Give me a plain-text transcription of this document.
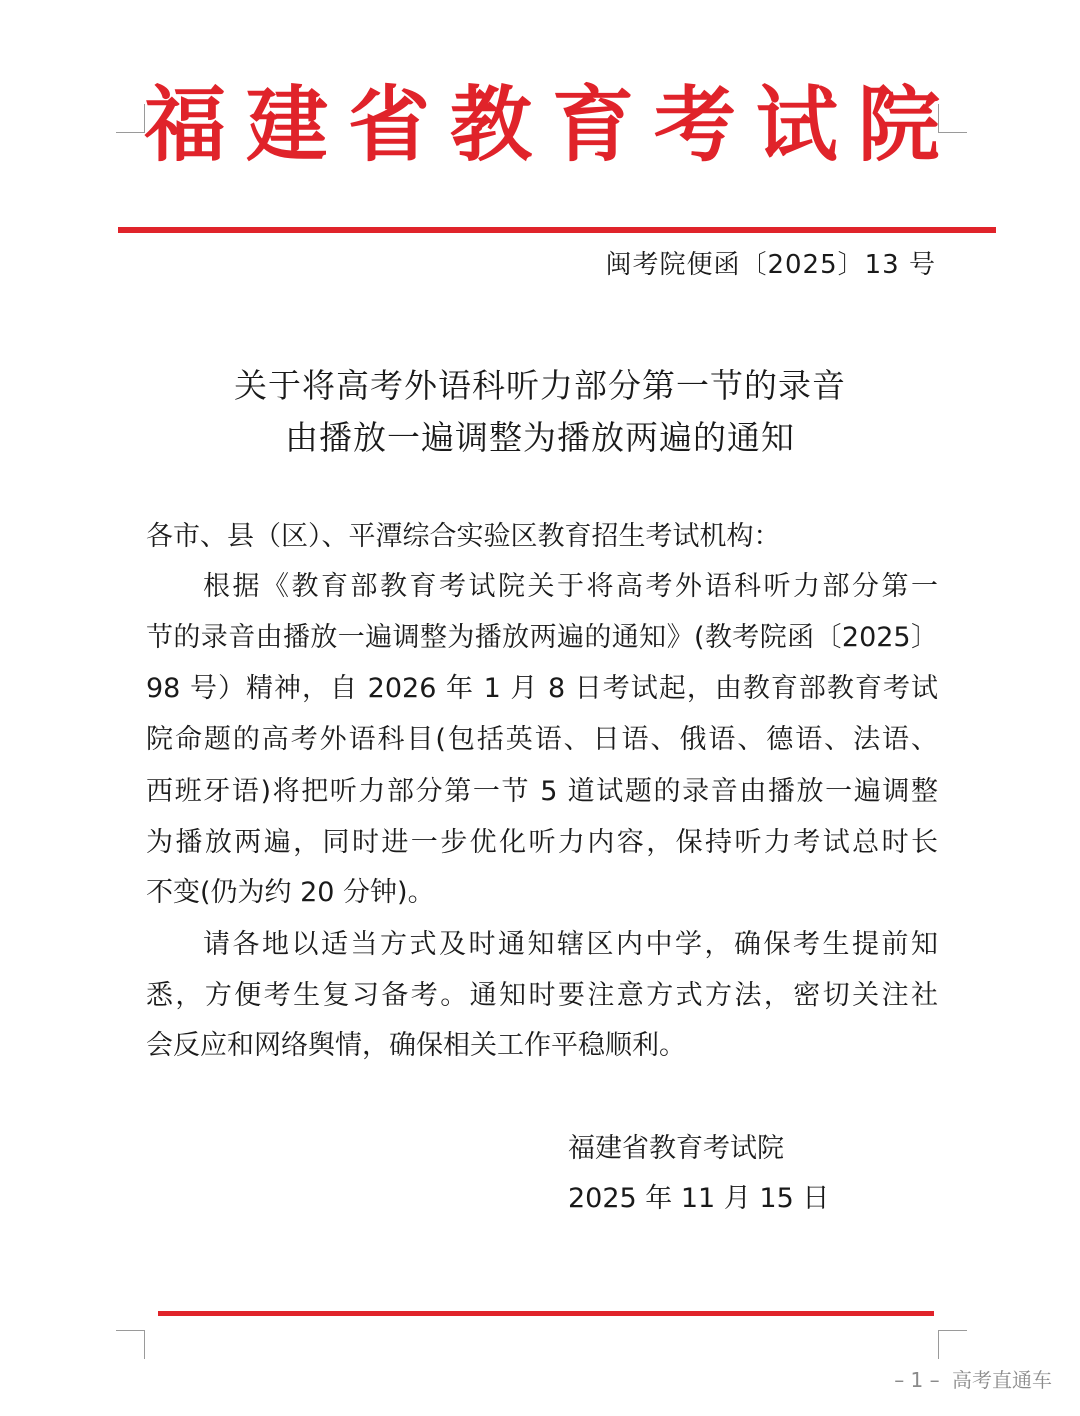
福 建 省 教 育 考 试 院
闽考院便函〔2025〕13 号
关于将高考外语科听力部分第一节的录音
由播放一遍调整为播放两遍的通知
各市、县（区）、平潭综合实验区教育招生考试机构：
根据《教育部教育考试院关于将高考外语科听力部分第一
节的录音由播放一遍调整为播放两遍的通知》(教考院函〔2025〕
98 号）精神，自 2026 年 1 月 8 日考试起，由教育部教育考试
院命题的高考外语科目(包括英语、日语、俄语、德语、法语、
西班牙语)将把听力部分第一节 5 道试题的录音由播放一遍调整
为播放两遍，同时进一步优化听力内容，保持听力考试总时长
不变(仍为约 20 分钟)。
请各地以适当方式及时通知辖区内中学，确保考生提前知
悉，方便考生复习备考。通知时要注意方式方法，密切关注社
会反应和网络舆情，确保相关工作平稳顺利。
福建省教育考试院
2025 年 11 月 15 日
– 1 – 高考直通车
